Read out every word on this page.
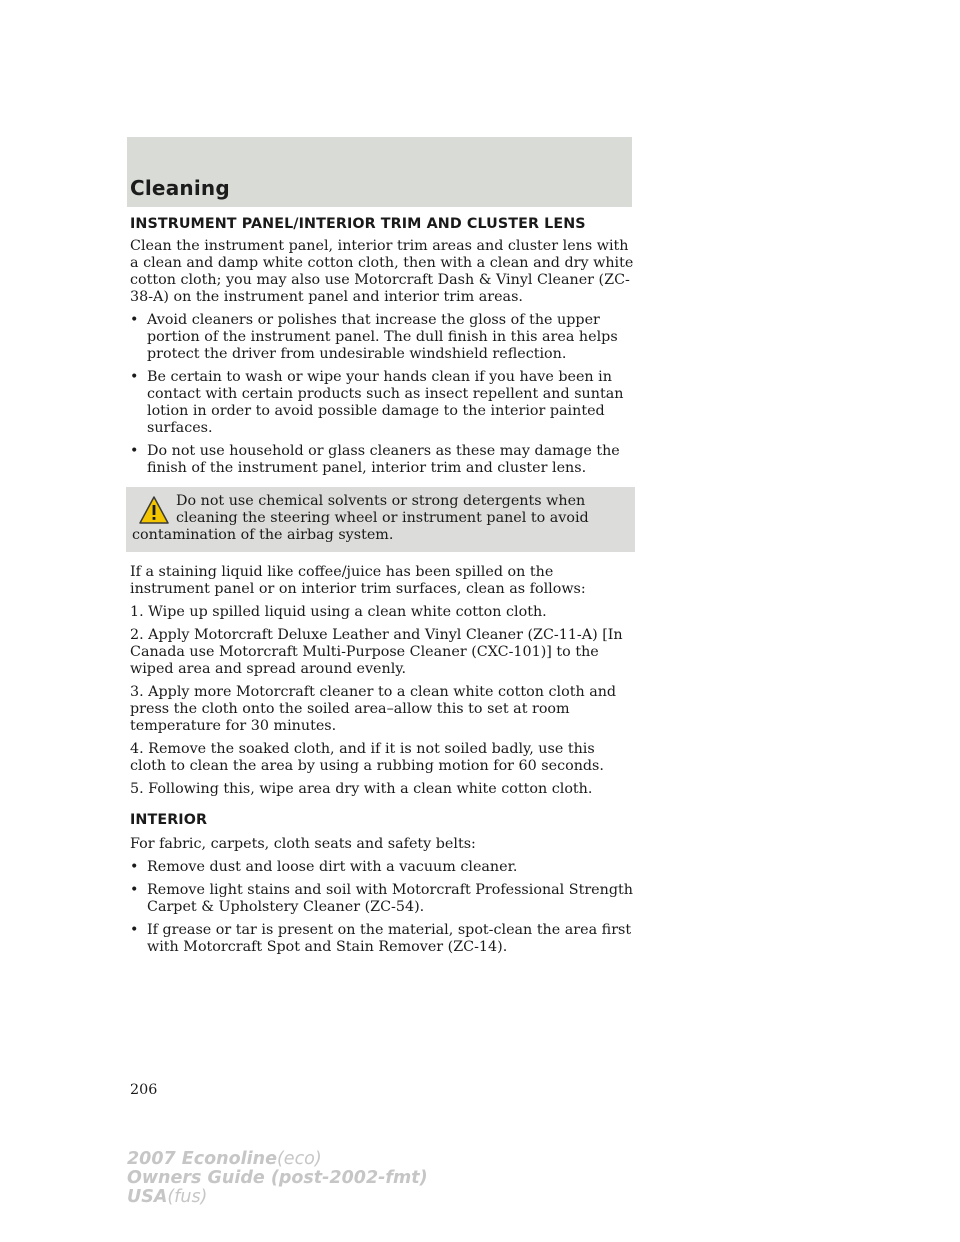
Cleaning
INSTRUMENT PANEL/INTERIOR TRIM AND CLUSTER LENS

Clean the instrument panel, interior trim areas and cluster lens with a clean and damp white cotton cloth, then with a clean and dry white cotton cloth; you may also use Motorcraft Dash & Vinyl Cleaner (ZC-38-A) on the instrument panel and interior trim areas.

• Avoid cleaners or polishes that increase the gloss of the upper portion of the instrument panel. The dull finish in this area helps protect the driver from undesirable windshield reflection.
• Be certain to wash or wipe your hands clean if you have been in contact with certain products such as insect repellent and suntan lotion in order to avoid possible damage to the interior painted surfaces.
• Do not use household or glass cleaners as these may damage the finish of the instrument panel, interior trim and cluster lens.
Do not use chemical solvents or strong detergents when cleaning the steering wheel or instrument panel to avoid contamination of the airbag system.

If a staining liquid like coffee/juice has been spilled on the instrument panel or on interior trim surfaces, clean as follows:

1. Wipe up spilled liquid using a clean white cotton cloth.

2. Apply Motorcraft Deluxe Leather and Vinyl Cleaner (ZC-11-A) [In Canada use Motorcraft Multi-Purpose Cleaner (CXC-101)] to the wiped area and spread around evenly.

3. Apply more Motorcraft cleaner to a clean white cotton cloth and press the cloth onto the soiled area–allow this to set at room temperature for 30 minutes.

4. Remove the soaked cloth, and if it is not soiled badly, use this cloth to clean the area by using a rubbing motion for 60 seconds.

5. Following this, wipe area dry with a clean white cotton cloth.

INTERIOR

For fabric, carpets, cloth seats and safety belts:

• Remove dust and loose dirt with a vacuum cleaner.
• Remove light stains and soil with Motorcraft Professional Strength Carpet & Upholstery Cleaner (ZC-54).
• If grease or tar is present on the material, spot-clean the area first with Motorcraft Spot and Stain Remover (ZC-14).
206
2007 Econoline(eco)
Owners Guide (post-2002-fmt)
USA(fus)
